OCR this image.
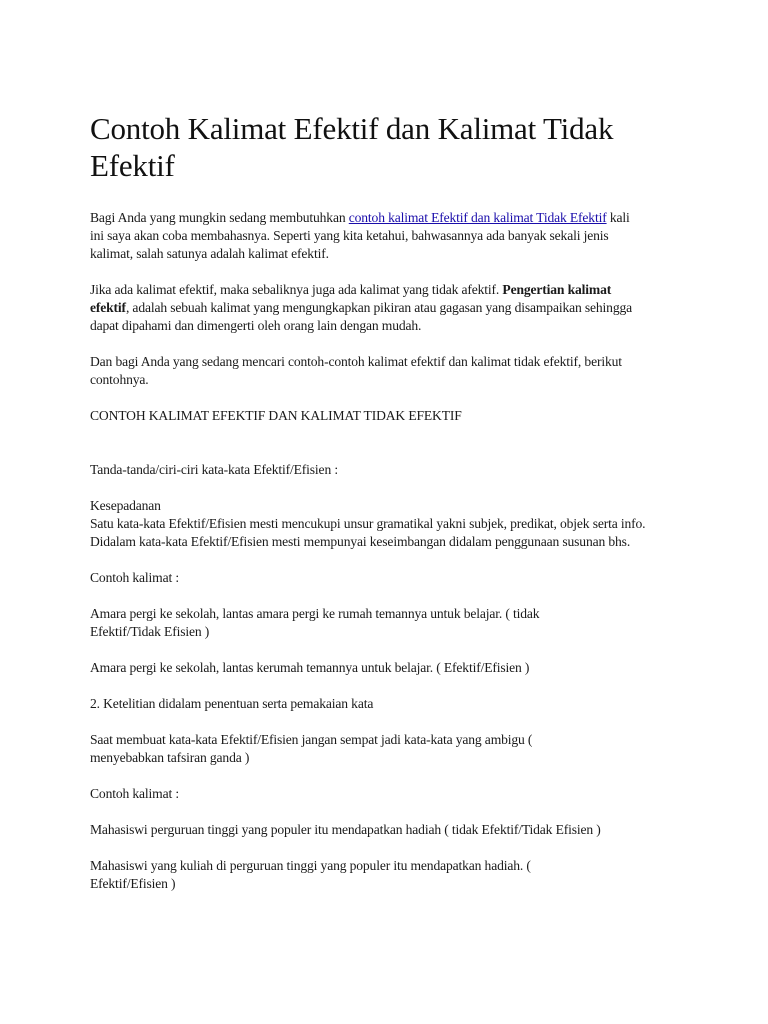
Contoh Kalimat Efektif dan Kalimat Tidak Efektif

Bagi Anda yang mungkin sedang membutuhkan contoh kalimat Efektif dan kalimat Tidak Efektif kali ini saya akan coba membahasnya. Seperti yang kita ketahui, bahwasannya ada banyak sekali jenis kalimat, salah satunya adalah kalimat efektif.

Jika ada kalimat efektif, maka sebaliknya juga ada kalimat yang tidak afektif. Pengertian kalimat efektif, adalah sebuah kalimat yang mengungkapkan pikiran atau gagasan yang disampaikan sehingga dapat dipahami dan dimengerti oleh orang lain dengan mudah.

Dan bagi Anda yang sedang mencari contoh-contoh kalimat efektif dan kalimat tidak efektif, berikut contohnya.

CONTOH KALIMAT EFEKTIF DAN KALIMAT TIDAK EFEKTIF

Tanda-tanda/ciri-ciri kata-kata Efektif/Efisien :

Kesepadanan

Satu kata-kata Efektif/Efisien mesti mencukupi unsur gramatikal yakni subjek, predikat, objek serta info. Didalam kata-kata Efektif/Efisien mesti mempunyai keseimbangan didalam penggunaan susunan bhs.

Contoh kalimat :

Amara pergi ke sekolah, lantas amara pergi ke rumah temannya untuk belajar. ( tidak Efektif/Tidak Efisien )

Amara pergi ke sekolah, lantas kerumah temannya untuk belajar. ( Efektif/Efisien )

2. Ketelitian didalam penentuan serta pemakaian kata

Saat membuat kata-kata Efektif/Efisien jangan sempat jadi kata-kata yang ambigu ( menyebabkan tafsiran ganda )

Contoh kalimat :

Mahasiswi perguruan tinggi yang populer itu mendapatkan hadiah ( tidak Efektif/Tidak Efisien )

Mahasiswi yang kuliah di perguruan tinggi yang populer itu mendapatkan hadiah. ( Efektif/Efisien )
